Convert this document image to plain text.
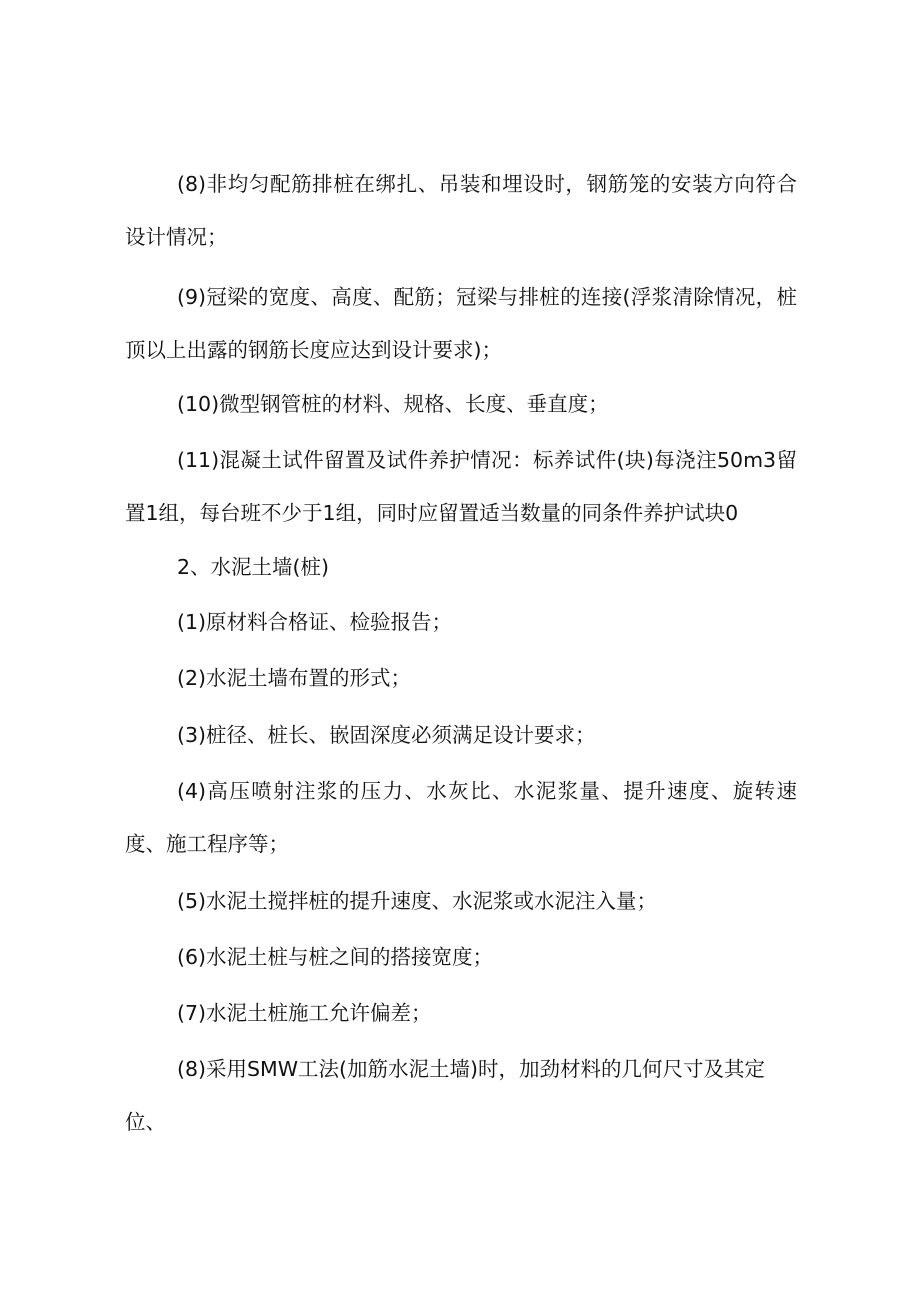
(8)非均匀配筋排桩在绑扎、吊装和埋设时，钢筋笼的安装方向符合设计情况；

(9)冠梁的宽度、高度、配筋；冠梁与排桩的连接(浮浆清除情况，桩顶以上出露的钢筋长度应达到设计要求)；

(10)微型钢管桩的材料、规格、长度、垂直度；

(11)混凝土试件留置及试件养护情况：标养试件(块)每浇注50m3留置1组，每台班不少于1组，同时应留置适当数量的同条件养护试块0

2、水泥土墙(桩)

(1)原材料合格证、检验报告；

(2)水泥土墙布置的形式；

(3)桩径、桩长、嵌固深度必须满足设计要求；

(4)高压喷射注浆的压力、水灰比、水泥浆量、提升速度、旋转速度、施工程序等；

(5)水泥土搅拌桩的提升速度、水泥浆或水泥注入量；

(6)水泥土桩与桩之间的搭接宽度；

(7)水泥土桩施工允许偏差；

(8)采用SMW工法(加筋水泥土墙)时，加劲材料的几何尺寸及其定位、
